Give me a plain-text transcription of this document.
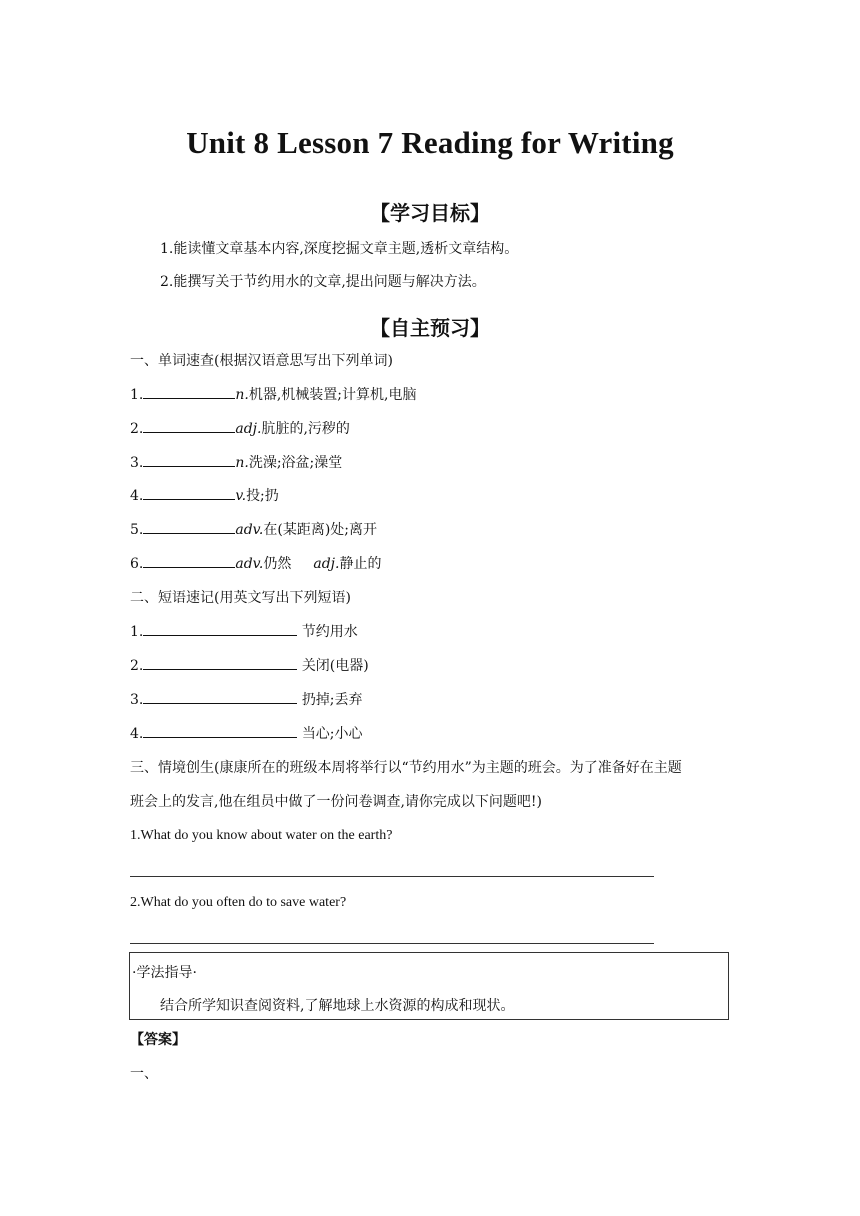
Unit 8 Lesson 7 Reading for Writing
【学习目标】
1.能读懂文章基本内容,深度挖掘文章主题,透析文章结构。
2.能撰写关于节约用水的文章,提出问题与解决方法。
【自主预习】
一、单词速查(根据汉语意思写出下列单词)
1.	n.机器,机械装置;计算机,电脑
2.	adj.肮脏的,污秽的
3.	n.洗澡;浴盆;澡堂
4.	v.投;扔
5.	adv.在(某距离)处;离开
6.	adv.仍然 adj.静止的
二、短语速记(用英文写出下列短语)
1.	节约用水
2.	关闭(电器)
3.	扔掉;丢弃
4.	当心;小心
三、情境创生(康康所在的班级本周将举行以“节约用水”为主题的班会。为了准备好在主题
班会上的发言,他在组员中做了一份问卷调查,请你完成以下问题吧!)
1.What do you know about water on the earth?
2.What do you often do to save water?
·学法指导·
结合所学知识查阅资料,了解地球上水资源的构成和现状。
【答案】
一、
